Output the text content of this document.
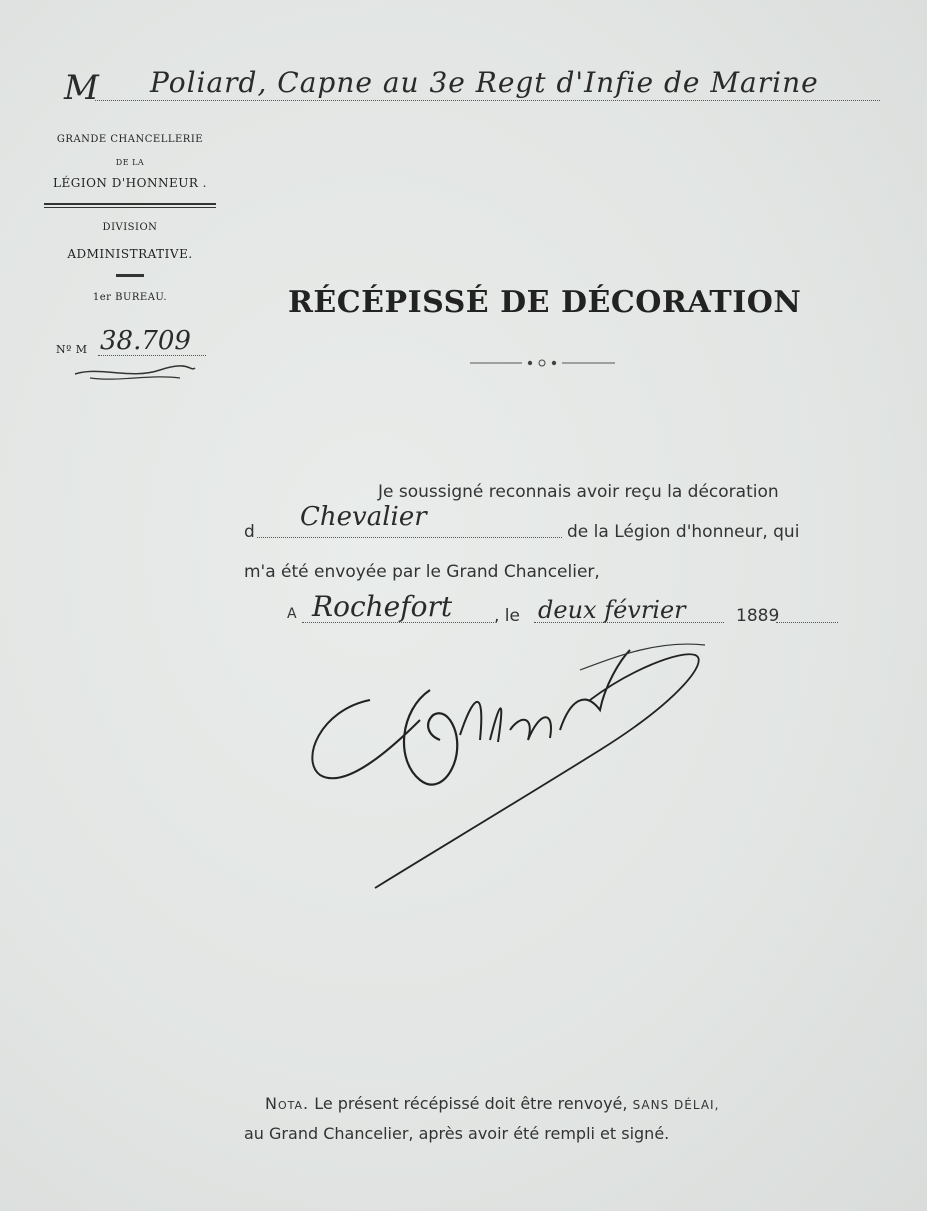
M Poliard, Capne au 3e Regt d'Infie de Marine
GRANDE CHANCELLERIE
DE LA
LÉGION D'HONNEUR .
DIVISION
ADMINISTRATIVE.
1er BUREAU.
Nº M 38.709
RÉCÉPISSÉ DE DÉCORATION
Je soussigné reconnais avoir reçu la décoration
d Chevalier	de la Légion d'honneur, qui
m'a été envoyée par le Grand Chancelier,
A Rochefort , le deux février	1889
Nota. Le présent récépissé doit être renvoyé, SANS DÉLAI,
au Grand Chancelier, après avoir été rempli et signé.
